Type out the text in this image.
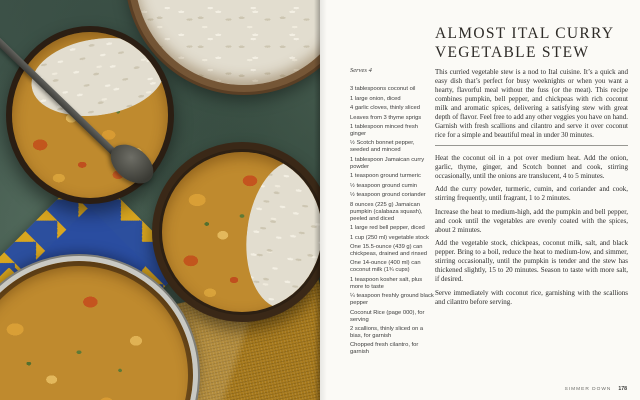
ALMOST ITAL CURRY
VEGETABLE STEW
Serves 4
3 tablespoons coconut oil
1 large onion, diced
4 garlic cloves, thinly sliced
Leaves from 3 thyme sprigs
1 tablespoon minced fresh ginger
½ Scotch bonnet pepper, seeded and minced
1 tablespoon Jamaican curry powder
1 teaspoon ground turmeric
½ teaspoon ground cumin
½ teaspoon ground coriander
8 ounces (225 g) Jamaican pumpkin (calabaza squash), peeled and diced
1 large red bell pepper, diced
1 cup (250 ml) vegetable stock
One 15.5-ounce (439 g) can chickpeas, drained and rinsed
One 14-ounce (400 ml) can coconut milk (1¾ cups)
1 teaspoon kosher salt, plus more to taste
¼ teaspoon freshly ground black pepper
Coconut Rice (page 000), for serving
2 scallions, thinly sliced on a bias, for garnish
Chopped fresh cilantro, for garnish

This curried vegetable stew is a nod to Ital cuisine. It’s a quick and easy dish that’s perfect for busy weeknights or when you want a hearty, flavorful meal without the fuss (or the meat). This recipe combines pumpkin, bell pepper, and chickpeas with rich coconut milk and aromatic spices, delivering a satisfying stew with great depth of flavor. Feel free to add any other veggies you have on hand. Garnish with fresh scallions and cilantro and serve it over coconut rice for a simple and beautiful meal in under 30 minutes.

Heat the coconut oil in a pot over medium heat. Add the onion, garlic, thyme, ginger, and Scotch bonnet and cook, stirring occasionally, until the onions are translucent, 4 to 5 minutes.

Add the curry powder, turmeric, cumin, and coriander and cook, stirring frequently, until fragrant, 1 to 2 minutes.

Increase the heat to medium-high, add the pumpkin and bell pepper, and cook until the vegetables are evenly coated with the spices, about 2 minutes.

Add the vegetable stock, chickpeas, coconut milk, salt, and black pepper. Bring to a boil, reduce the heat to medium-low, and simmer, stirring occasionally, until the pumpkin is tender and the stew has thickened slightly, 15 to 20 minutes. Season to taste with more salt, if desired.

Serve immediately with coconut rice, garnishing with the scallions and cilantro before serving.

SIMMER DOWN 178
